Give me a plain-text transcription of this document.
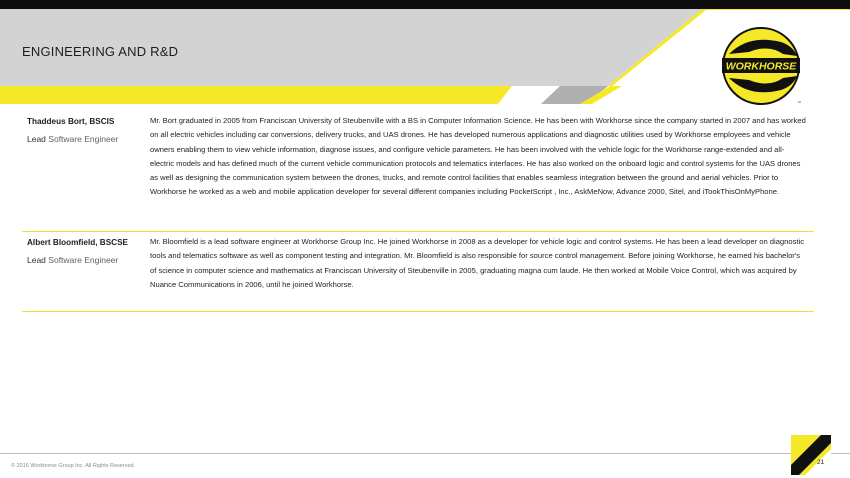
ENGINEERING AND R&D
WORKHORSE
™
Thaddeus Bort, BSCIS
Lead Software Engineer
Mr. Bort graduated in 2005 from Franciscan University of Steubenville with a BS in Computer Information Science. He has been with Workhorse since the company started in 2007 and has worked on all electric vehicles including car conversions, delivery trucks, and UAS drones. He has developed numerous applications and diagnostic utilities used by Workhorse employees and vehicle owners enabling them to view vehicle information, diagnose issues, and configure vehicle parameters. He has been involved with the vehicle logic for the Workhorse range-extended and all-electric models and has defined much of the current vehicle communication protocols and telematics interfaces. He has also worked on the onboard logic and control systems for the UAS drones as well as designing the communication system between the drones, trucks, and remote control facilities that enables seamless integration between the ground and aerial vehicles. Prior to Workhorse he worked as a web and mobile application developer for several different companies including PocketScript , Inc., AskMeNow, Advance 2000, Sitel, and iTookThisOnMyPhone.
Albert Bloomfield, BSCSE
Lead Software Engineer
Mr. Bloomfield is a lead software engineer at Workhorse Group Inc. He joined Workhorse in 2008 as a developer for vehicle logic and control systems. He has been a lead developer on diagnostic tools and telematics software as well as component testing and integration. Mr. Bloomfield is also responsible for source control management. Before joining Workhorse, he earned his bachelor's of science in computer science and mathematics at Franciscan University of Steubenville in 2005, graduating magna cum laude. He then worked at Mobile Voice Control, which was acquired by Nuance Communications in 2006, until he joined Workhorse.
© 2016 Workhorse Group Inc. All Rights Reserved.	21
